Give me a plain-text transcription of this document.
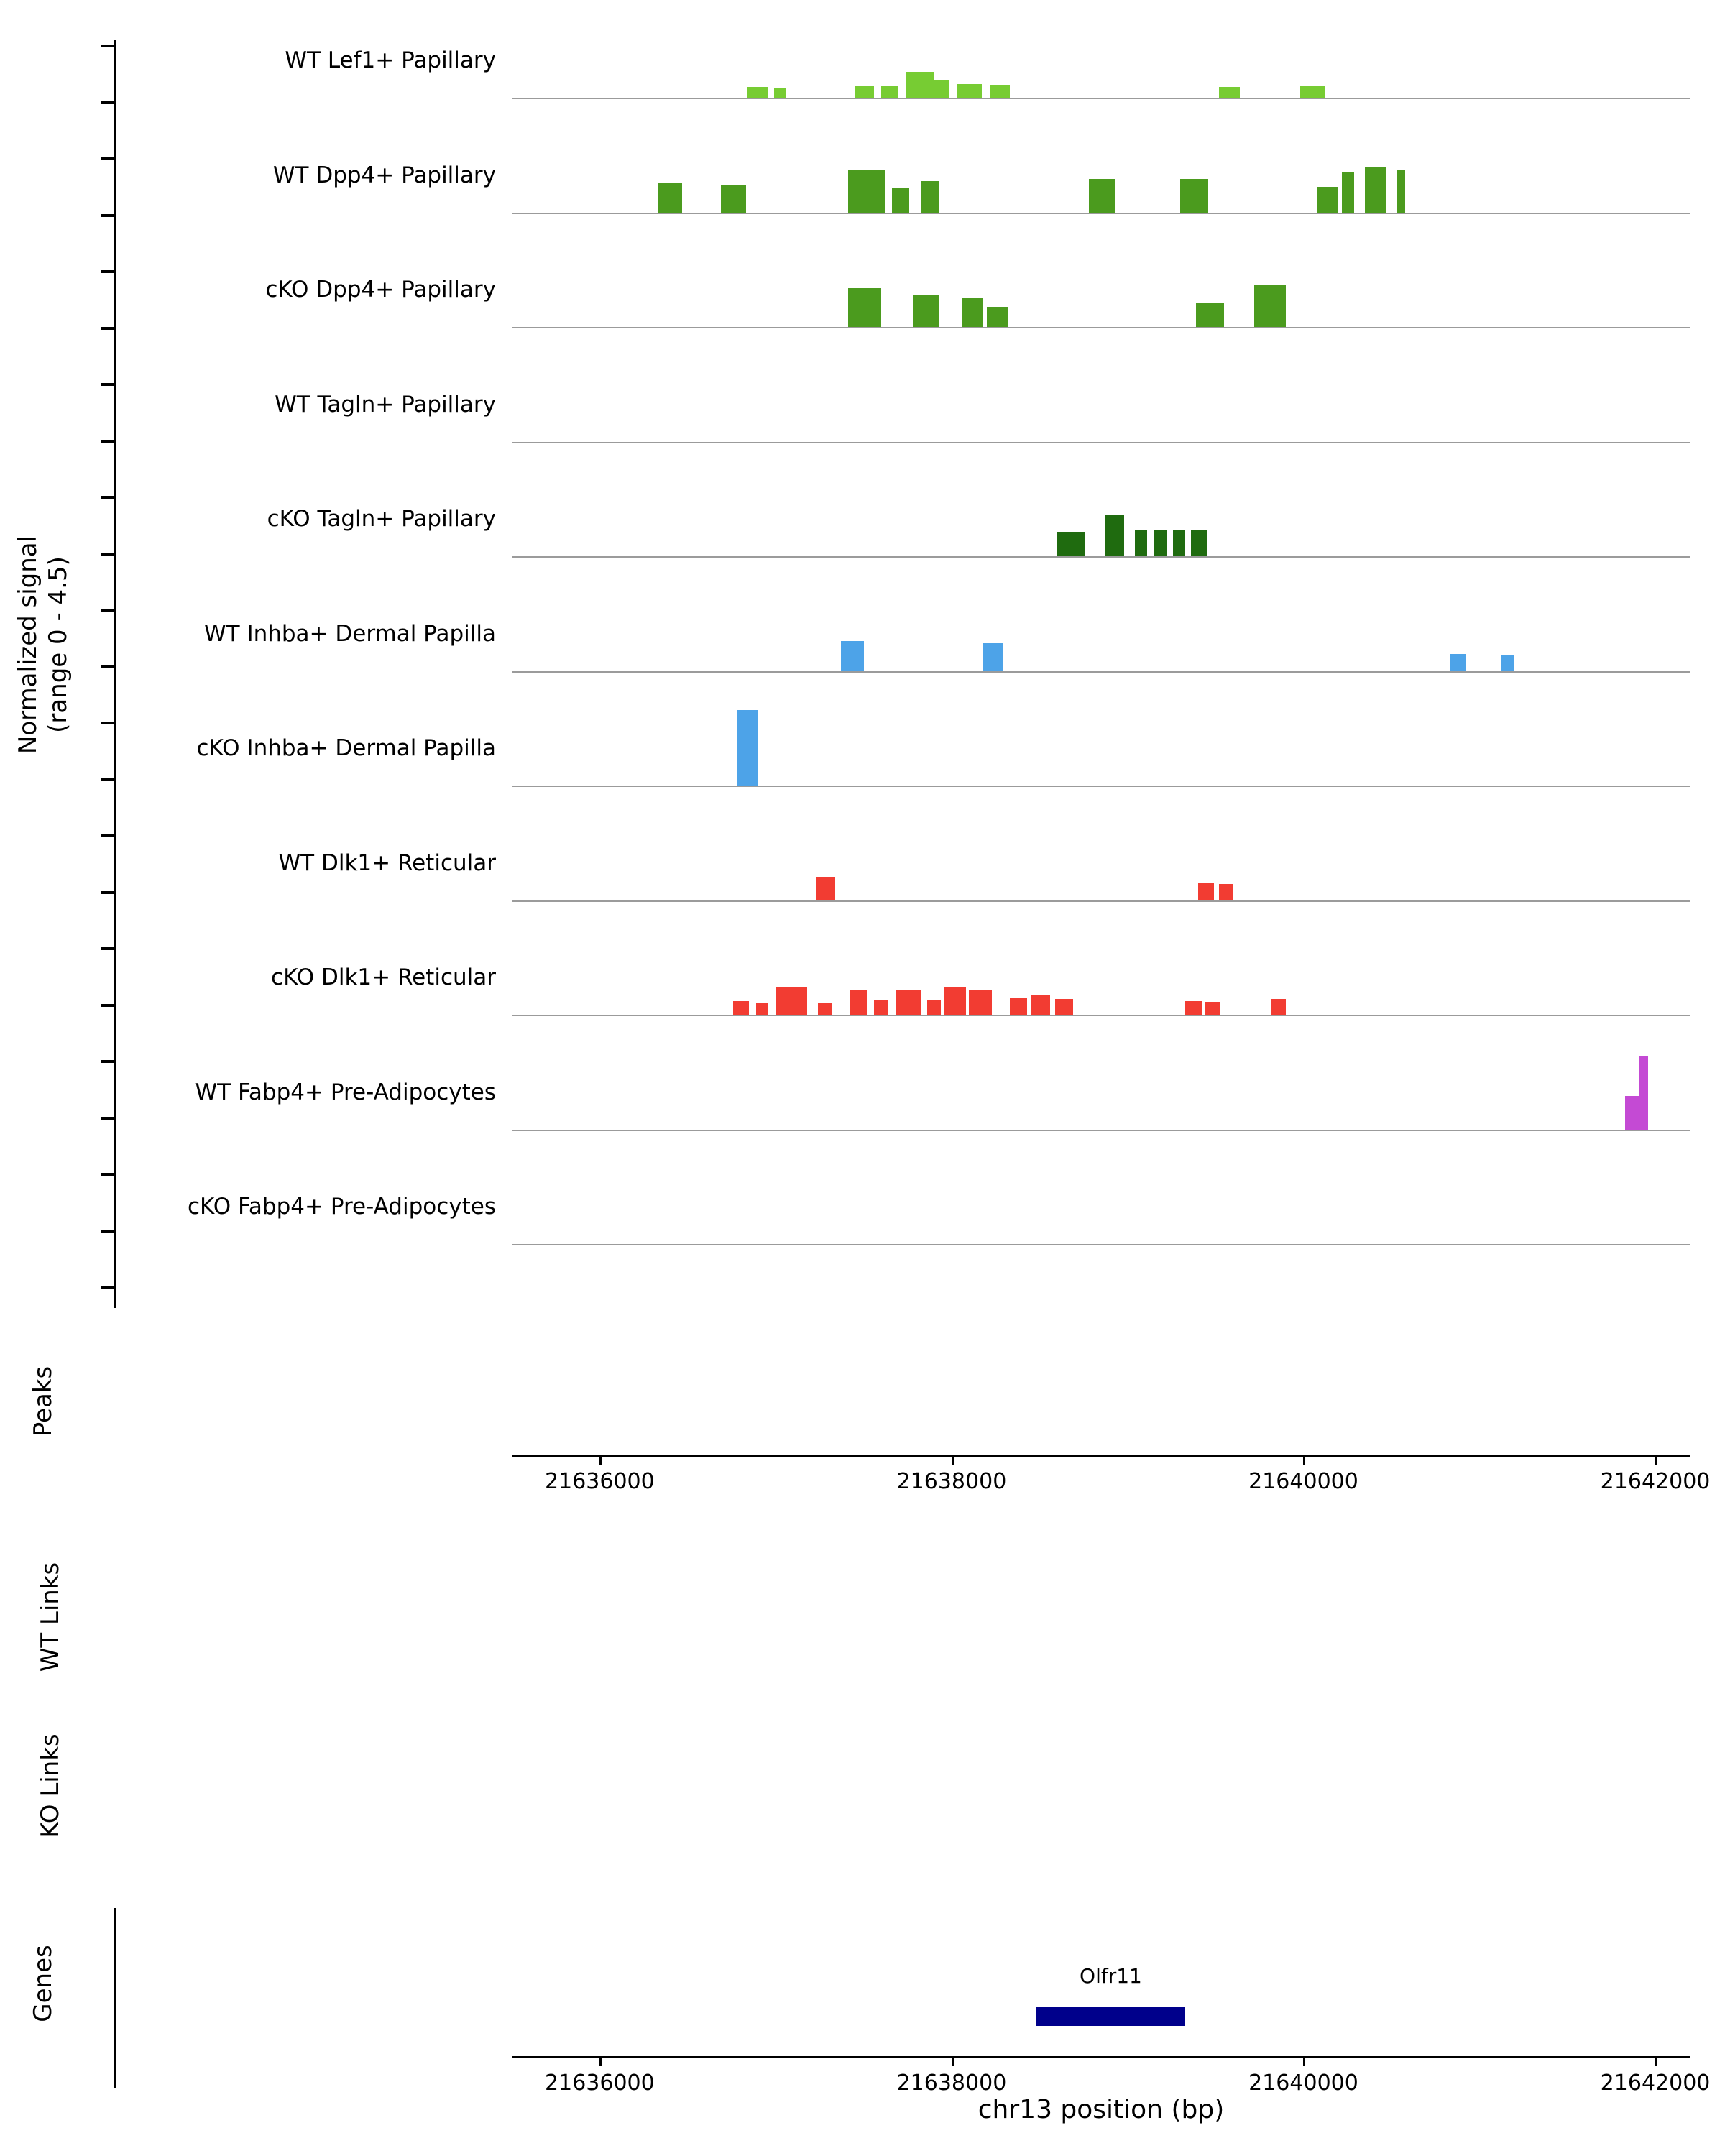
Normalized signal (range 0 - 4.5)
WT Lef1+ Papillary
WT Dpp4+ Papillary
cKO Dpp4+ Papillary
WT Tagln+ Papillary
cKO Tagln+ Papillary
WT Inhba+ Dermal Papilla
cKO Inhba+ Dermal Papilla
WT Dlk1+ Reticular
cKO Dlk1+ Reticular
WT Fabp4+ Pre-Adipocytes
cKO Fabp4+ Pre-Adipocytes
21636000	21638000	21640000	21642000
Peaks
WT Links
KO Links
Genes	Olfr11
21636000	21638000	21640000	21642000
chr13 position (bp)
